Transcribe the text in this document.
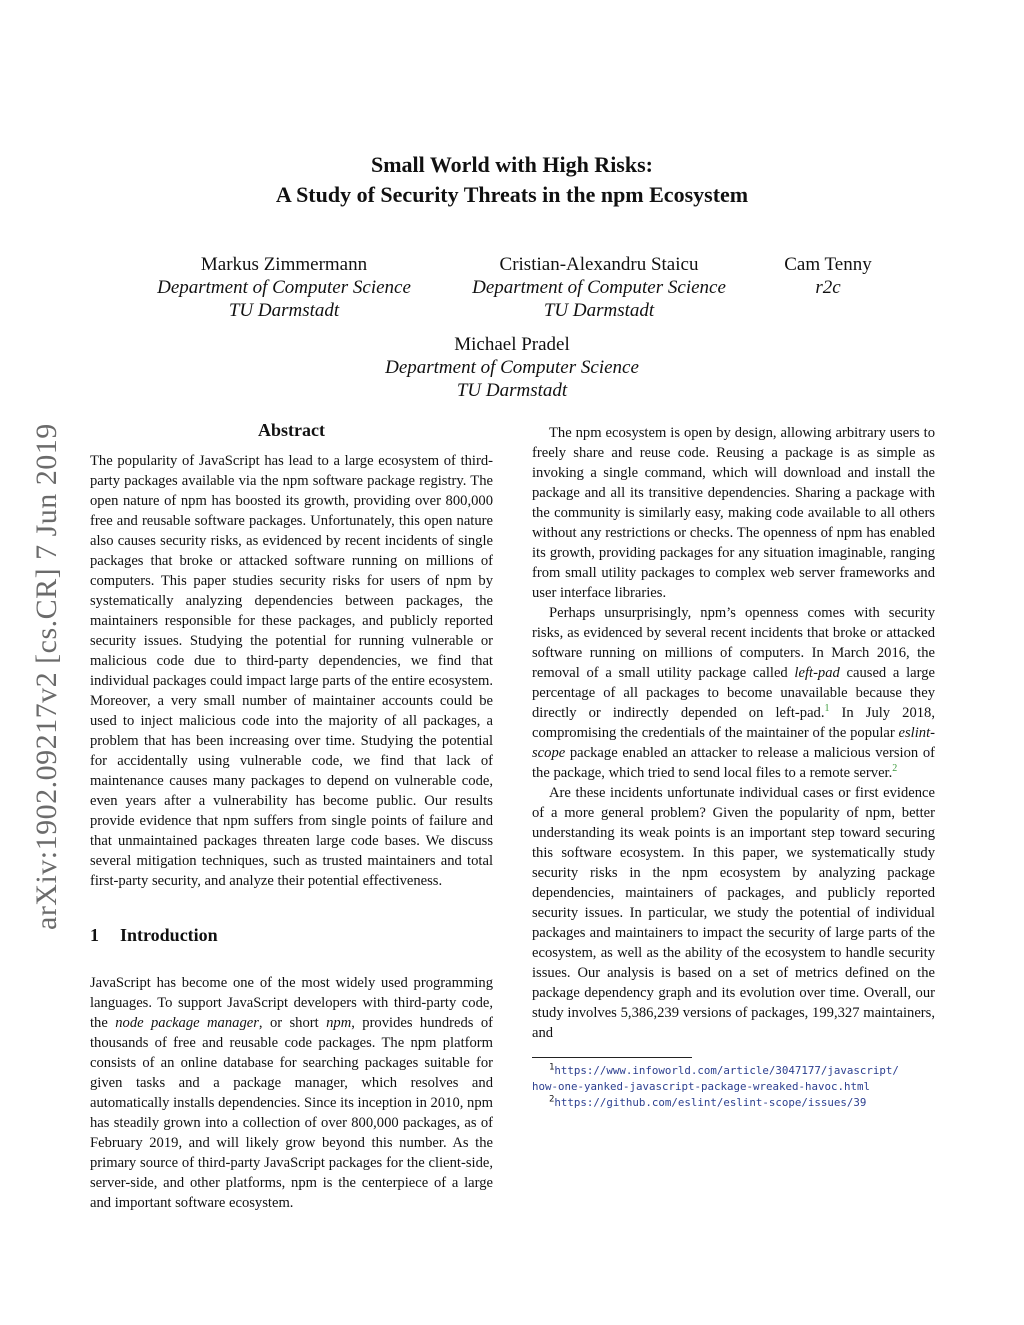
arXiv:1902.09217v2 [cs.CR] 7 Jun 2019
Small World with High Risks:
A Study of Security Threats in the npm Ecosystem
Markus Zimmermann
Department of Computer Science
TU Darmstadt
Cristian-Alexandru Staicu
Department of Computer Science
TU Darmstadt
Cam Tenny
r2c
Michael Pradel
Department of Computer Science
TU Darmstadt
Abstract

The popularity of JavaScript has lead to a large ecosystem of third-party packages available via the npm software package registry. The open nature of npm has boosted its growth, providing over 800,000 free and reusable software packages. Unfortunately, this open nature also causes security risks, as evidenced by recent incidents of single packages that broke or attacked software running on millions of computers. This paper studies security risks for users of npm by systematically analyzing dependencies between packages, the maintainers responsible for these packages, and publicly reported security issues. Studying the potential for running vulnerable or malicious code due to third-party dependencies, we find that individual packages could impact large parts of the entire ecosystem. Moreover, a very small number of maintainer accounts could be used to inject malicious code into the majority of all packages, a problem that has been increasing over time. Studying the potential for accidentally using vulnerable code, we find that lack of maintenance causes many packages to depend on vulnerable code, even years after a vulnerability has become public. Our results provide evidence that npm suffers from single points of failure and that unmaintained packages threaten large code bases. We discuss several mitigation techniques, such as trusted maintainers and total first-party security, and analyze their potential effectiveness.

1 Introduction

JavaScript has become one of the most widely used programming languages. To support JavaScript developers with third-party code, the node package manager, or short npm, provides hundreds of thousands of free and reusable code packages. The npm platform consists of an online database for searching packages suitable for given tasks and a package manager, which resolves and automatically installs dependencies. Since its inception in 2010, npm has steadily grown into a collection of over 800,000 packages, as of February 2019, and will likely grow beyond this number. As the primary source of third-party JavaScript packages for the client-side, server-side, and other platforms, npm is the centerpiece of a large and important software ecosystem.

The npm ecosystem is open by design, allowing arbitrary users to freely share and reuse code. Reusing a package is as simple as invoking a single command, which will download and install the package and all its transitive dependencies. Sharing a package with the community is similarly easy, making code available to all others without any restrictions or checks. The openness of npm has enabled its growth, providing packages for any situation imaginable, ranging from small utility packages to complex web server frameworks and user interface libraries.

Perhaps unsurprisingly, npm’s openness comes with security risks, as evidenced by several recent incidents that broke or attacked software running on millions of computers. In March 2016, the removal of a small utility package called left-pad caused a large percentage of all packages to become unavailable because they directly or indirectly depended on left-pad.$^1$ In July 2018, compromising the credentials of the maintainer of the popular eslint-scope package enabled an attacker to release a malicious version of the package, which tried to send local files to a remote server.$^2$

Are these incidents unfortunate individual cases or first evidence of a more general problem? Given the popularity of npm, better understanding its weak points is an important step toward securing this software ecosystem. In this paper, we systematically study security risks in the npm ecosystem by analyzing package dependencies, maintainers of packages, and publicly reported security issues. In particular, we study the potential of individual packages and maintainers to impact the security of large parts of the ecosystem, as well as the ability of the ecosystem to handle security issues. Our analysis is based on a set of metrics defined on the package dependency graph and its evolution over time. Overall, our study involves 5,386,239 versions of packages, 199,327 maintainers, and

$^1$https://www.infoworld.com/article/3047177/javascript/
how-one-yanked-javascript-package-wreaked-havoc.html
$^2$https://github.com/eslint/eslint-scope/issues/39
